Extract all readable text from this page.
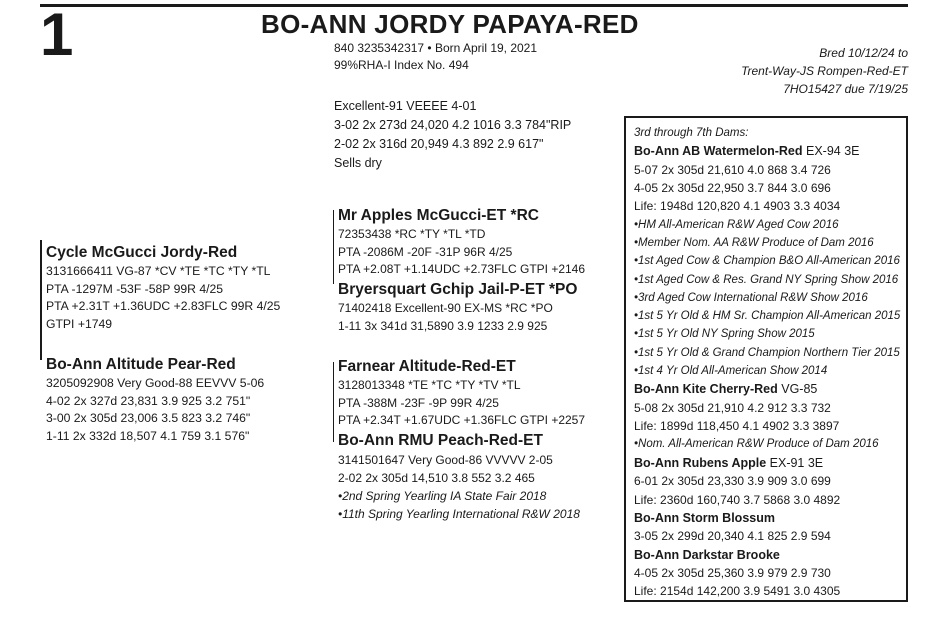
1	BO-ANN JORDY PAPAYA-RED
840 3235342317 • Born April 19, 2021
99%RHA-I Index No. 494
Excellent-91 VEEEE 4-01
3-02 2x 273d 24,020 4.2 1016 3.3 784"RIP
2-02 2x 316d 20,949 4.3 892 2.9 617"
Sells dry
Bred 10/12/24 to
Trent-Way-JS Rompen-Red-ET
7HO15427 due 7/19/25
Cycle McGucci Jordy-Red
3131666411 VG-87 *CV *TE *TC *TY *TL
PTA -1297M -53F -58P 99R 4/25
PTA +2.31T +1.36UDC +2.83FLC 99R 4/25
GTPI +1749
Bo-Ann Altitude Pear-Red
3205092908 Very Good-88 EEVVV 5-06
4-02 2x 327d 23,831 3.9 925 3.2 751"
3-00 2x 305d 23,006 3.5 823 3.2 746"
1-11 2x 332d 18,507 4.1 759 3.1 576"
Mr Apples McGucci-ET *RC
72353438 *RC *TY *TL *TD
PTA -2086M -20F -31P 96R 4/25
PTA +2.08T +1.14UDC +2.73FLC GTPI +2146
Bryersquart Gchip Jail-P-ET *PO
71402418 Excellent-90 EX-MS *RC *PO
1-11 3x 341d 31,5890 3.9 1233 2.9 925
Farnear Altitude-Red-ET
3128013348 *TE *TC *TY *TV *TL
PTA -388M -23F -9P 99R 4/25
PTA +2.34T +1.67UDC +1.36FLC GTPI +2257
Bo-Ann RMU Peach-Red-ET
3141501647 Very Good-86 VVVVV 2-05
2-02 2x 305d 14,510 3.8 552 3.2 465
•2nd Spring Yearling IA State Fair 2018
•11th Spring Yearling International R&W 2018
3rd through 7th Dams:
Bo-Ann AB Watermelon-Red EX-94 3E
5-07 2x 305d 21,610 4.0 868 3.4 726
4-05 2x 305d 22,950 3.7 844 3.0 696
Life: 1948d 120,820 4.1 4903 3.3 4034
•HM All-American R&W Aged Cow 2016
•Member Nom. AA R&W Produce of Dam 2016
•1st Aged Cow & Champion B&O All-American 2016
•1st Aged Cow & Res. Grand NY Spring Show 2016
•3rd Aged Cow International R&W Show 2016
•1st 5 Yr Old & HM Sr. Champion All-American 2015
•1st 5 Yr Old NY Spring Show 2015
•1st 5 Yr Old & Grand Champion Northern Tier 2015
•1st 4 Yr Old All-American Show 2014
Bo-Ann Kite Cherry-Red VG-85
5-08 2x 305d 21,910 4.2 912 3.3 732
Life: 1899d 118,450 4.1 4902 3.3 3897
•Nom. All-American R&W Produce of Dam 2016
Bo-Ann Rubens Apple EX-91 3E
6-01 2x 305d 23,330 3.9 909 3.0 699
Life: 2360d 160,740 3.7 5868 3.0 4892
Bo-Ann Storm Blossum
3-05 2x 299d 20,340 4.1 825 2.9 594
Bo-Ann Darkstar Brooke
4-05 2x 305d 25,360 3.9 979 2.9 730
Life: 2154d 142,200 3.9 5491 3.0 4305
